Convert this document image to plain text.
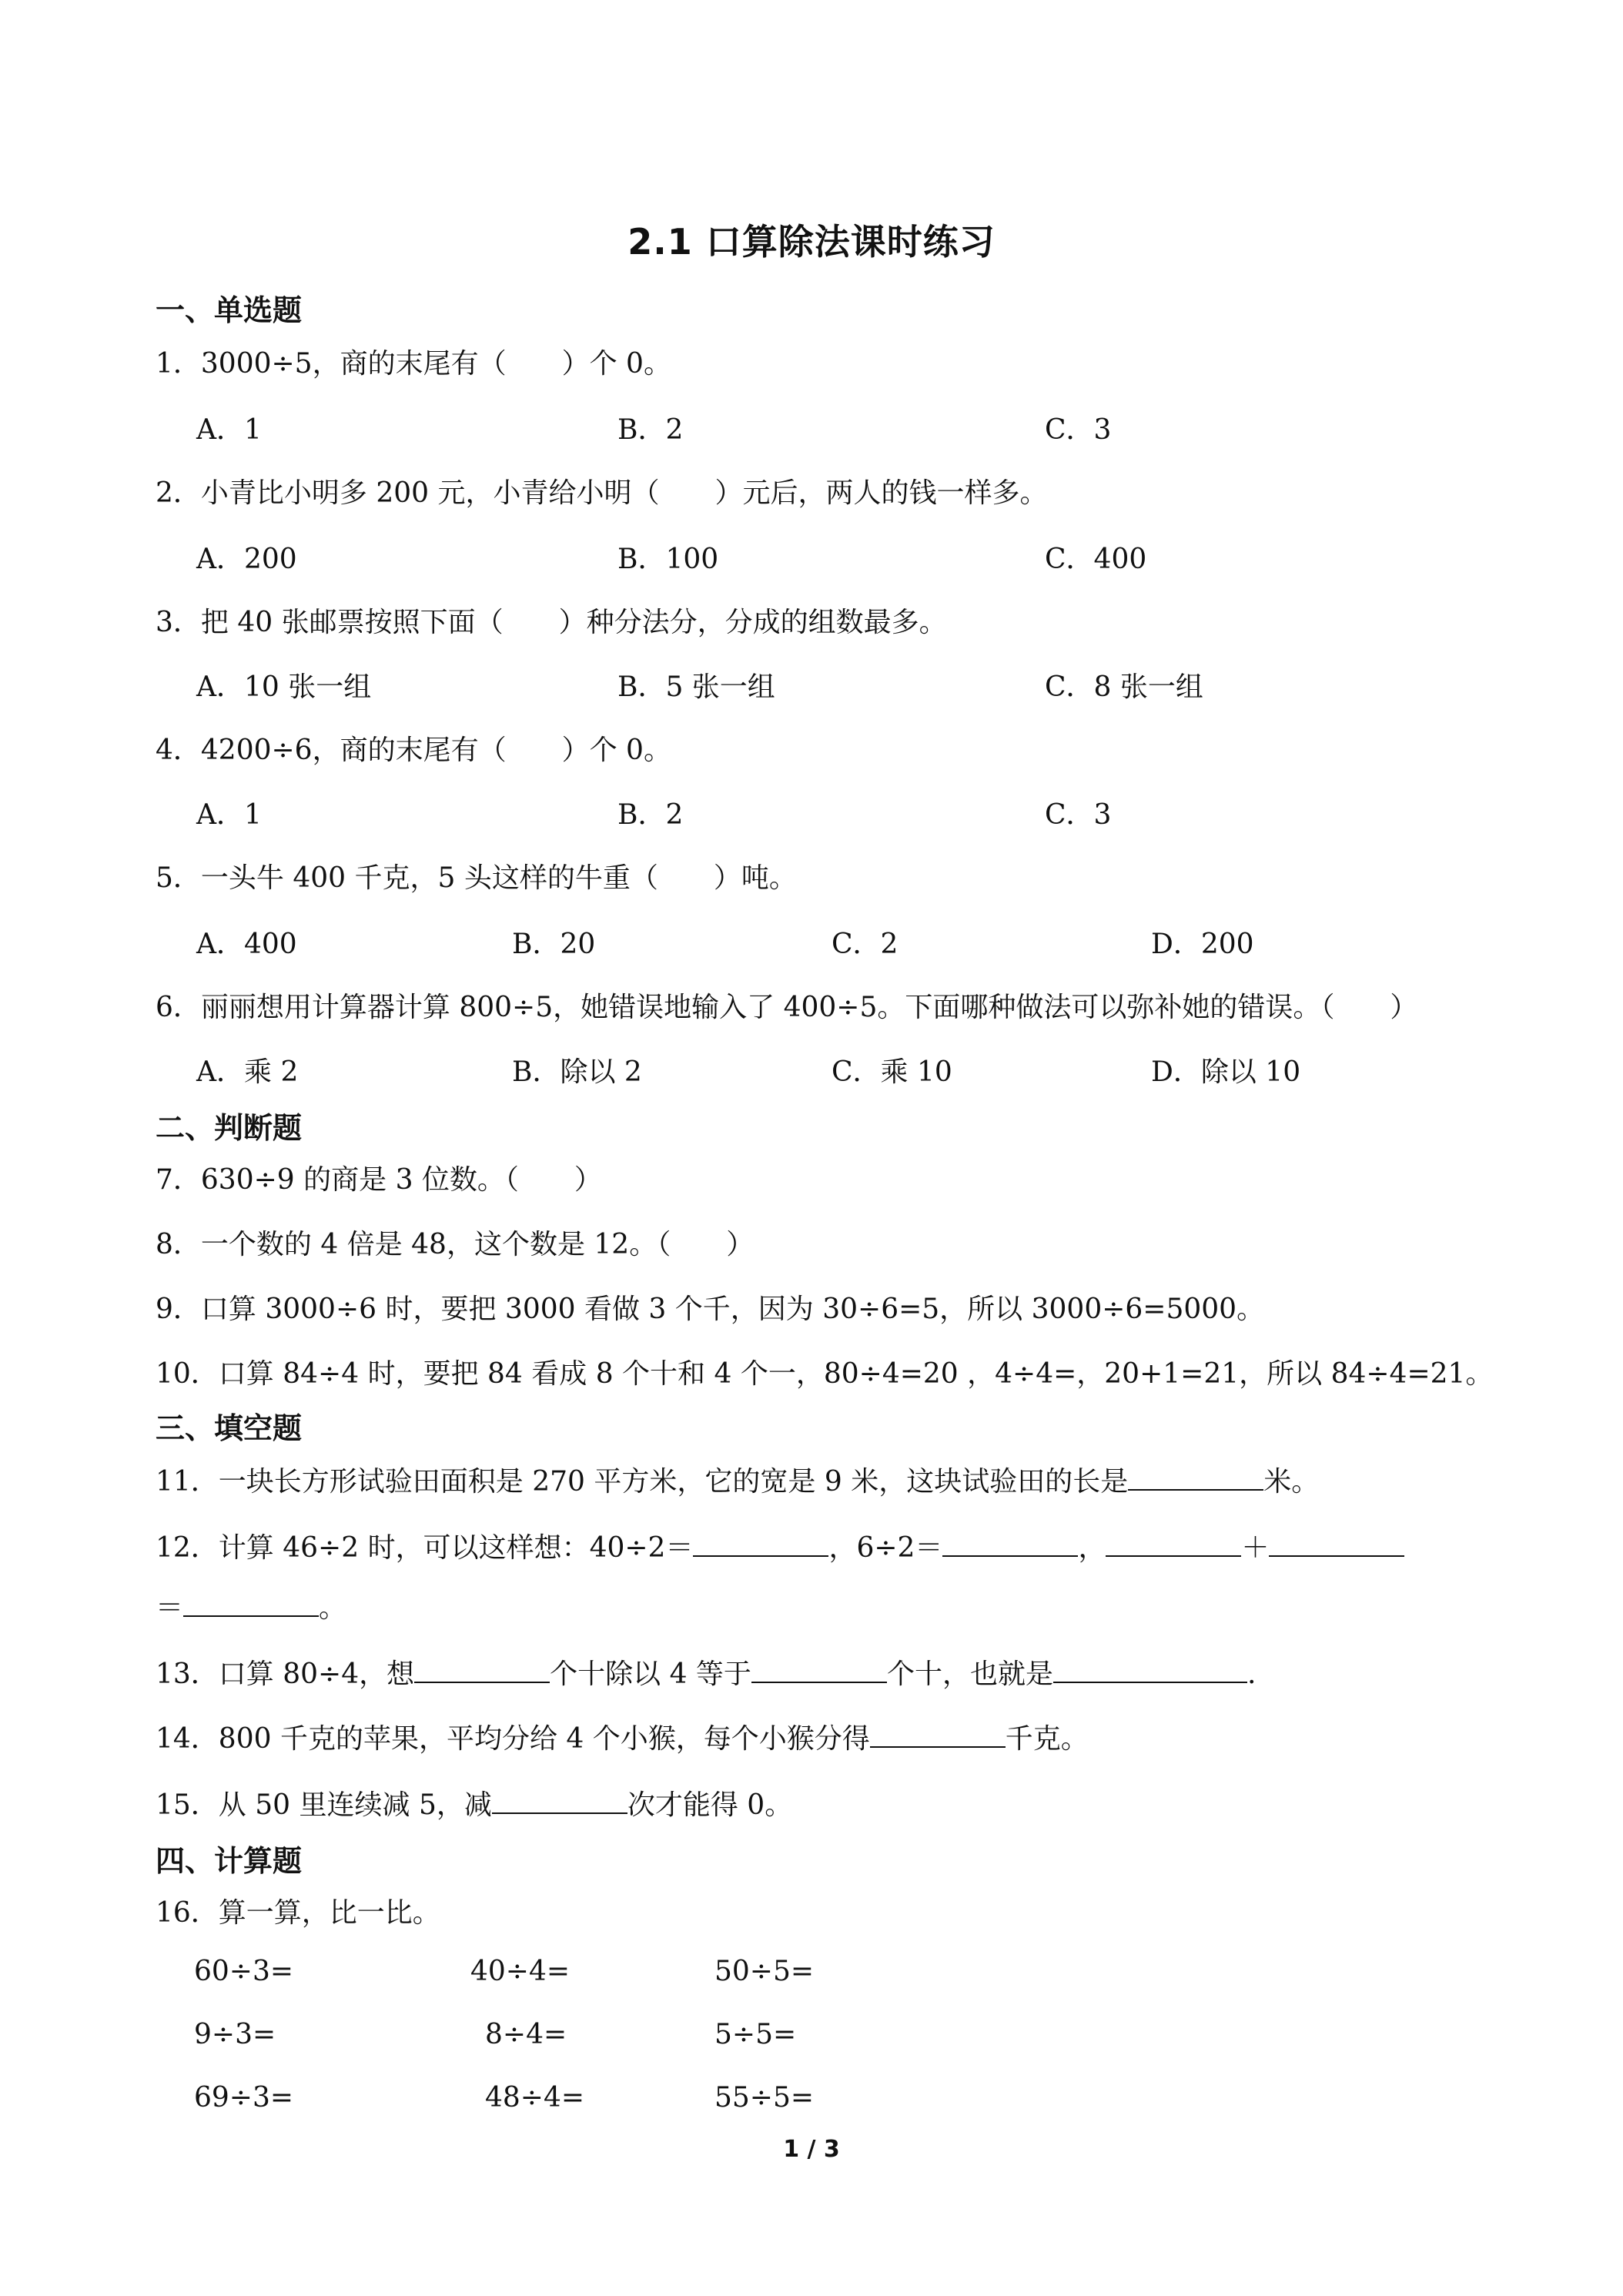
2.1 口算除法课时练习
一、单选题
1．3000÷5，商的末尾有（　　）个 0。
A．1	B．2	C．3
2．小青比小明多 200 元，小青给小明（　　）元后，两人的钱一样多。
A．200	B．100	C．400
3．把 40 张邮票按照下面（　　）种分法分，分成的组数最多。
A．10 张一组	B．5 张一组	C．8 张一组
4．4200÷6，商的末尾有（　　）个 0。
A．1	B．2	C．3
5．一头牛 400 千克，5 头这样的牛重（　　）吨。
A．400	B．20	C．2	D．200
6．丽丽想用计算器计算 800÷5，她错误地输入了 400÷5。下面哪种做法可以弥补她的错误。（　　）
A．乘 2	B．除以 2	C．乘 10	D．除以 10
二、判断题
7．630÷9 的商是 3 位数。（　　）
8．一个数的 4 倍是 48，这个数是 12。（　　）
9．口算 3000÷6 时，要把 3000 看做 3 个千，因为 30÷6=5，所以 3000÷6=5000。
10．口算 84÷4 时，要把 84 看成 8 个十和 4 个一，80÷4=20 ，4÷4=，20+1=21，所以 84÷4=21。
三、填空题
11．一块长方形试验田面积是 270 平方米，它的宽是 9 米，这块试验田的长是	米。
12．计算 46÷2 时，可以这样想：40÷2＝	，6÷2＝	，	＋
＝	。
13．口算 80÷4，想	个十除以 4 等于	个十，也就是	.
14．800 千克的苹果，平均分给 4 个小猴，每个小猴分得	千克。
15．从 50 里连续减 5，减	次才能得 0。
四、计算题
16．算一算，比一比。
60÷3=	40÷4=	50÷5=
9÷3=	8÷4=	5÷5=
69÷3=	48÷4=	55÷5=
1 / 3
